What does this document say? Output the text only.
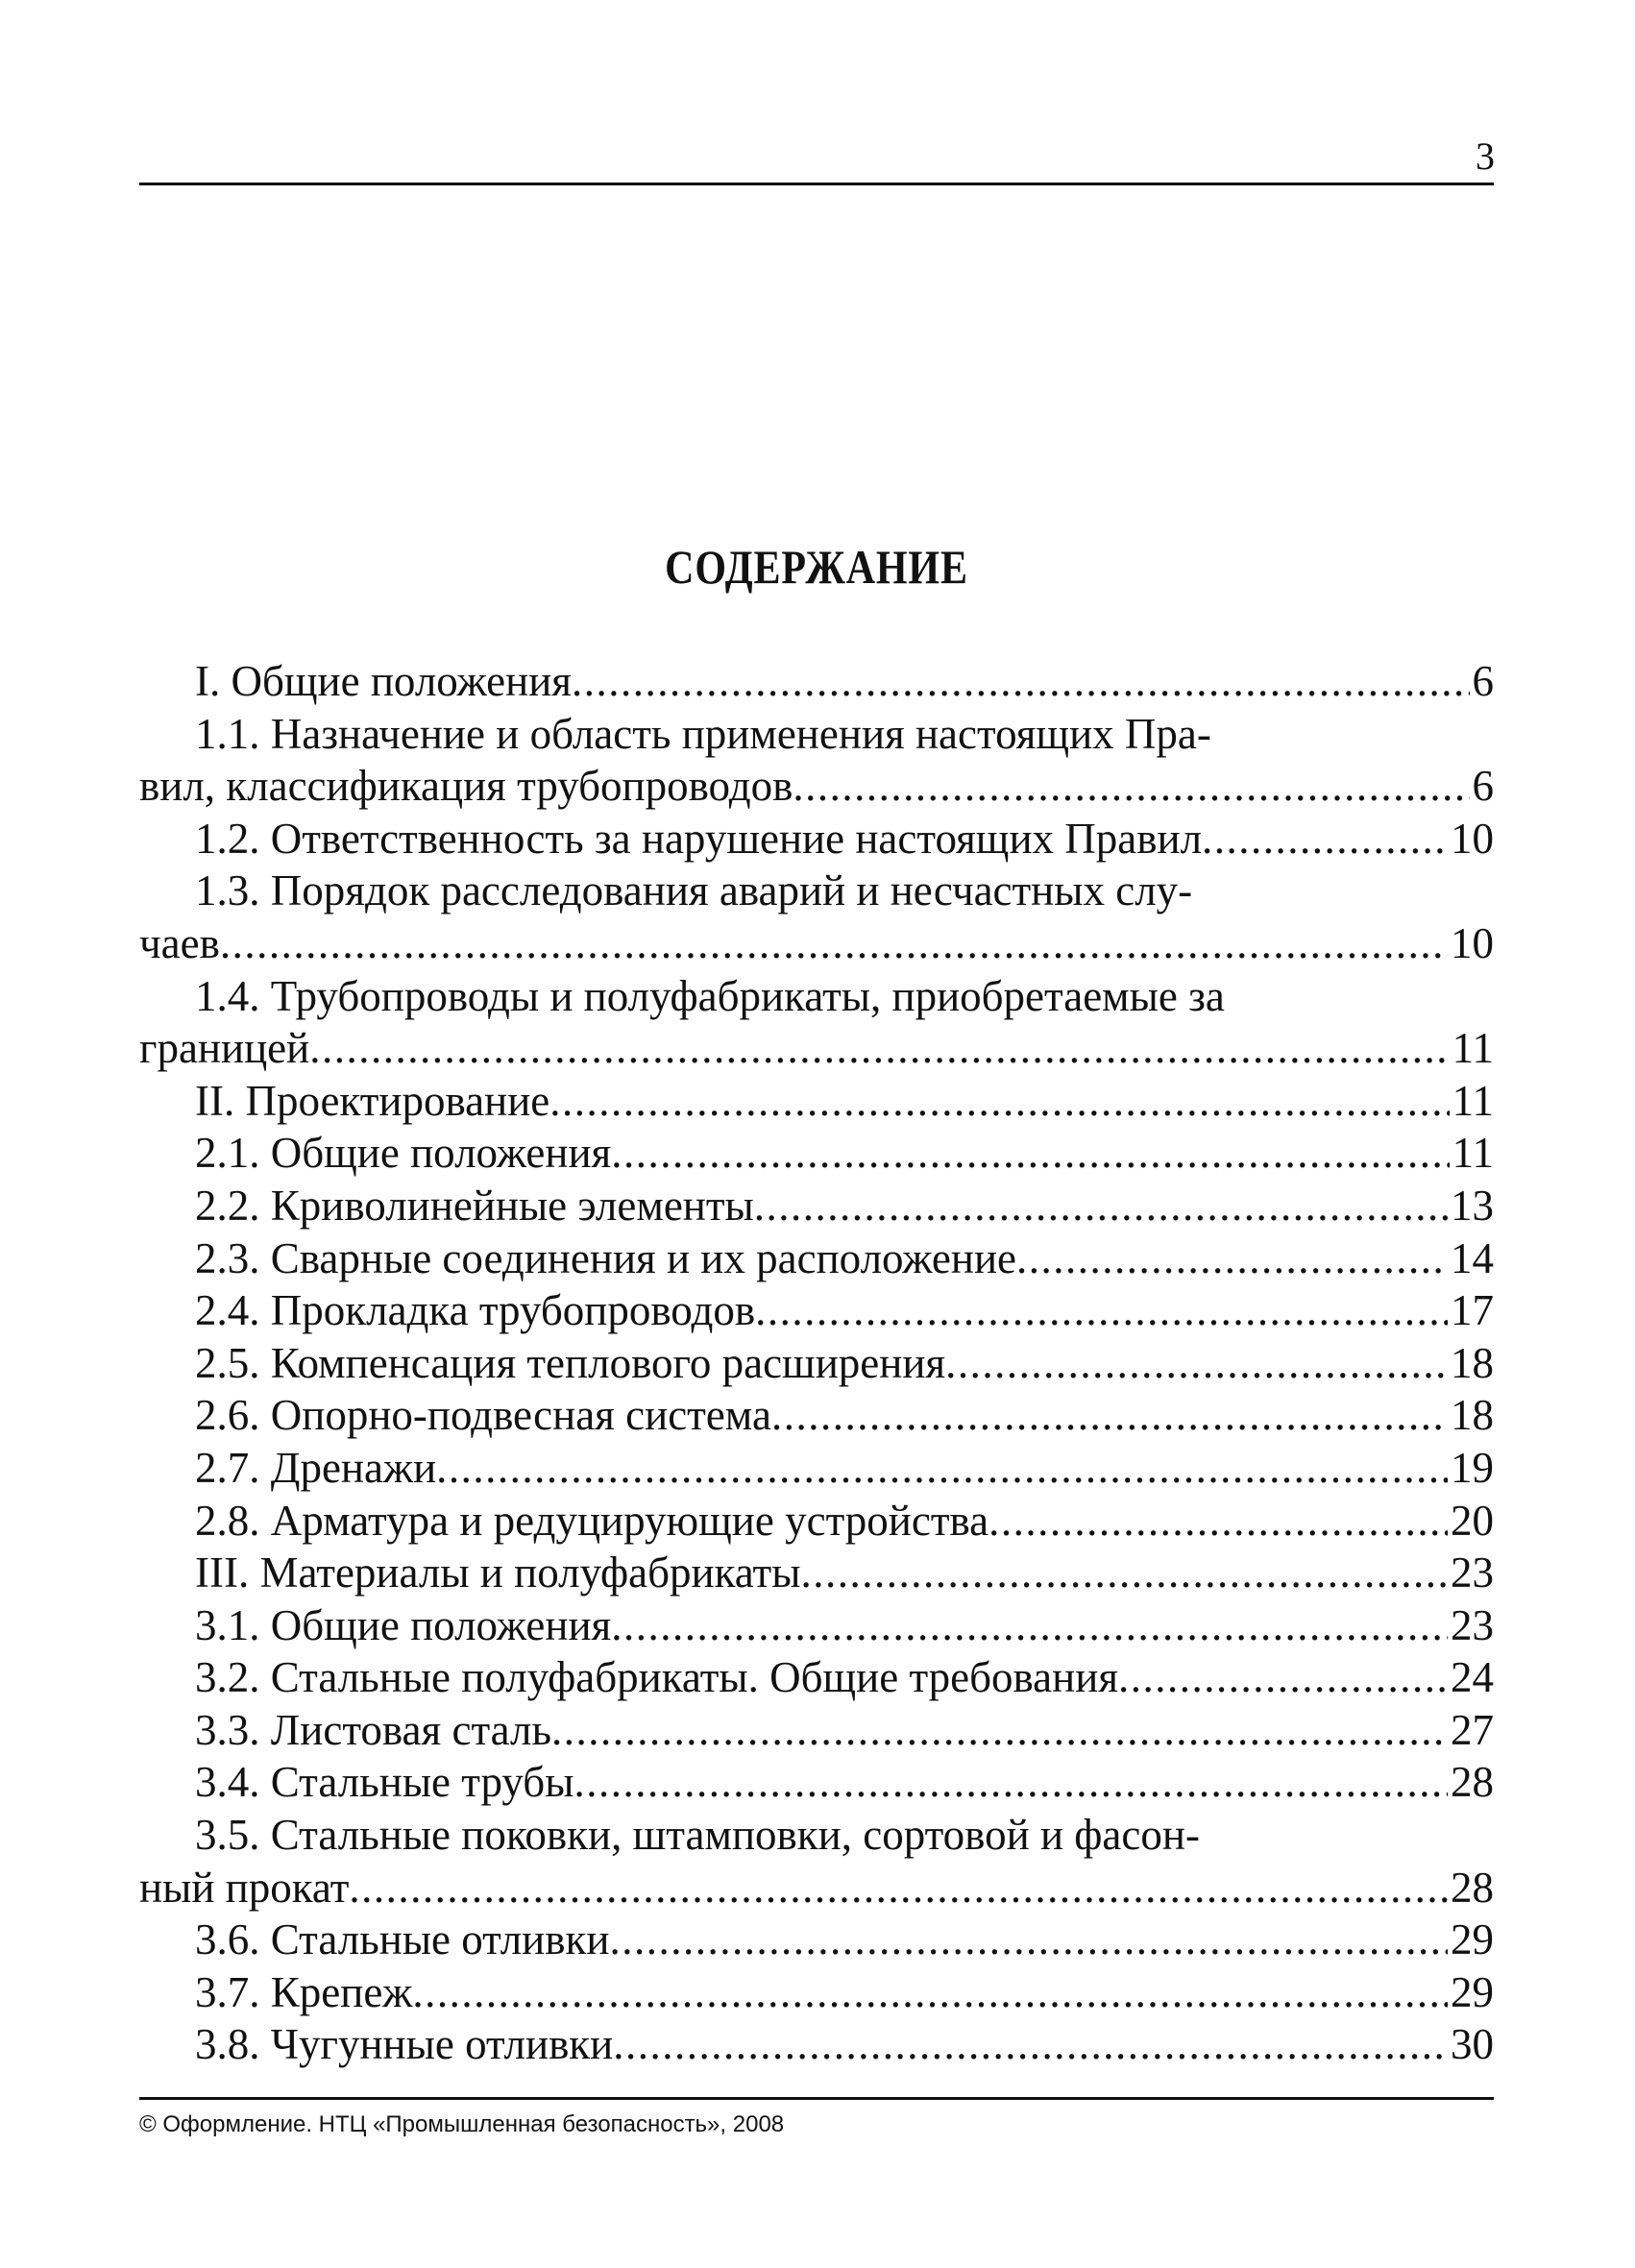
3
СОДЕРЖАНИЕ
I. Общие положения .....	6
1.1. Назначение и область применения настоящих Пра-
вил, классификация трубопроводов .....	6
1.2. Ответственность за нарушение настоящих Правил .....	10
1.3. Порядок расследования аварий и несчастных слу-
чаев .....	10
1.4. Трубопроводы и полуфабрикаты, приобретаемые за
границей .....	11
II. Проектирование .....	11
2.1. Общие положения .....	11
2.2. Криволинейные элементы .....	13
2.3. Сварные соединения и их расположение .....	14
2.4. Прокладка трубопроводов .....	17
2.5. Компенсация теплового расширения .....	18
2.6. Опорно-подвесная система .....	18
2.7. Дренажи .....	19
2.8. Арматура и редуцирующие устройства .....	20
III. Материалы и полуфабрикаты .....	23
3.1. Общие положения .....	23
3.2. Стальные полуфабрикаты. Общие требования .....	24
3.3. Листовая сталь .....	27
3.4. Стальные трубы .....	28
3.5. Стальные поковки, штамповки, сортовой и фасон-
ный прокат .....	28
3.6. Стальные отливки .....	29
3.7. Крепеж .....	29
3.8. Чугунные отливки .....	30
© Оформление. НТЦ «Промышленная безопасность», 2008
